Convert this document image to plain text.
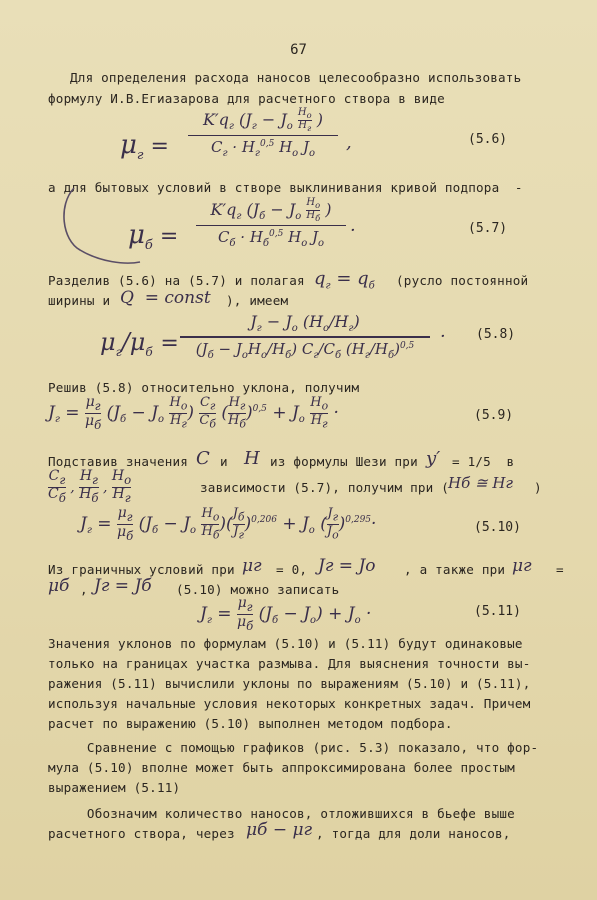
67
Для определения расхода наносов целесообразно использовать
формулу И.В.Егиазарова для расчетного створа в виде
$\mu_г$ =
$K'q_г$ ($J_г - J_o$
$H_o$
$H_г$ )
$C_г \cdot H_г^{0,5}$ $H_o$ $J_o$
,	(5.6)
а для бытовых условий в створе выклинивания кривой подпора  -
$\mu_б$ =
$K'q_г$ ($J_б - J_o$
$H_o$
$H_б$ )
$C_б \cdot H_б^{0,5}$ $H_o$ $J_o$
·	(5.7)
Разделив (5.6) на (5.7) и полагая $q_г = q_б$ (русло постоянной
ширины и Q  = const ), имеем
$\mu_г/\mu_б$ =
$J_г - J_o$ $(H_o/H_г)$
$(J_б - J_oH_o/H_б)$ $C_г/C_б$ $(H_г/H_б)^{0,5}$	· (5.8)
Решив (5.8) относительно уклона, получим
$J_г$ =
$\mu_г$
$\mu_б$
($J_б - J_o$
$H_o$
$H_г$
)
$C_г$
$C_б$
(
$H_г$
$H_б$
)$^{0,5} + J_o$
$H_o$
$H_г$
·	(5.9)
Подставив значения C и H из формулы Шези при y′ = 1/5  в
$C_г$
$C_б$
,
$H_г$
$H_б$
,
$H_o$
$H_г$
зависимости (5.7), получим при (
Hб ≅ Hг )
$J_г$ =
$\mu_г$
$\mu_б$
($J_б - J_o$
$H_o$
$H_б$
)(
$J_б$
$J_г$
)$^{0,206} + J_o$ (
$J_г$
$J_o$
)$^{0,295}$·	(5.10)
Из граничных условий при μг = 0, Jг = Jo , а также при μг =
μб , Jг = Jб (5.10) можно записать
$J_г$ =
$\mu_г$
$\mu_б$
$(J_б - J_o) + J_o$ ·	(5.11)
Значения уклонов по формулам (5.10) и (5.11) будут одинаковые
только на границах участка размыва. Для выяснения точности вы-
ражения (5.11) вычислили уклоны по выражениям (5.10) и (5.11),
используя начальные условия некоторых конкретных задач. Причем
расчет по выражению (5.10) выполнен методом подбора.
Сравнение с помощью графиков (рис. 5.3) показало, что фор-
мула (5.10) вполне может быть аппроксимирована более простым
выражением (5.11)
Обозначим количество наносов, отложившихся в бьефе выше
расчетного створа, через μб − μг , тогда для доли наносов,
